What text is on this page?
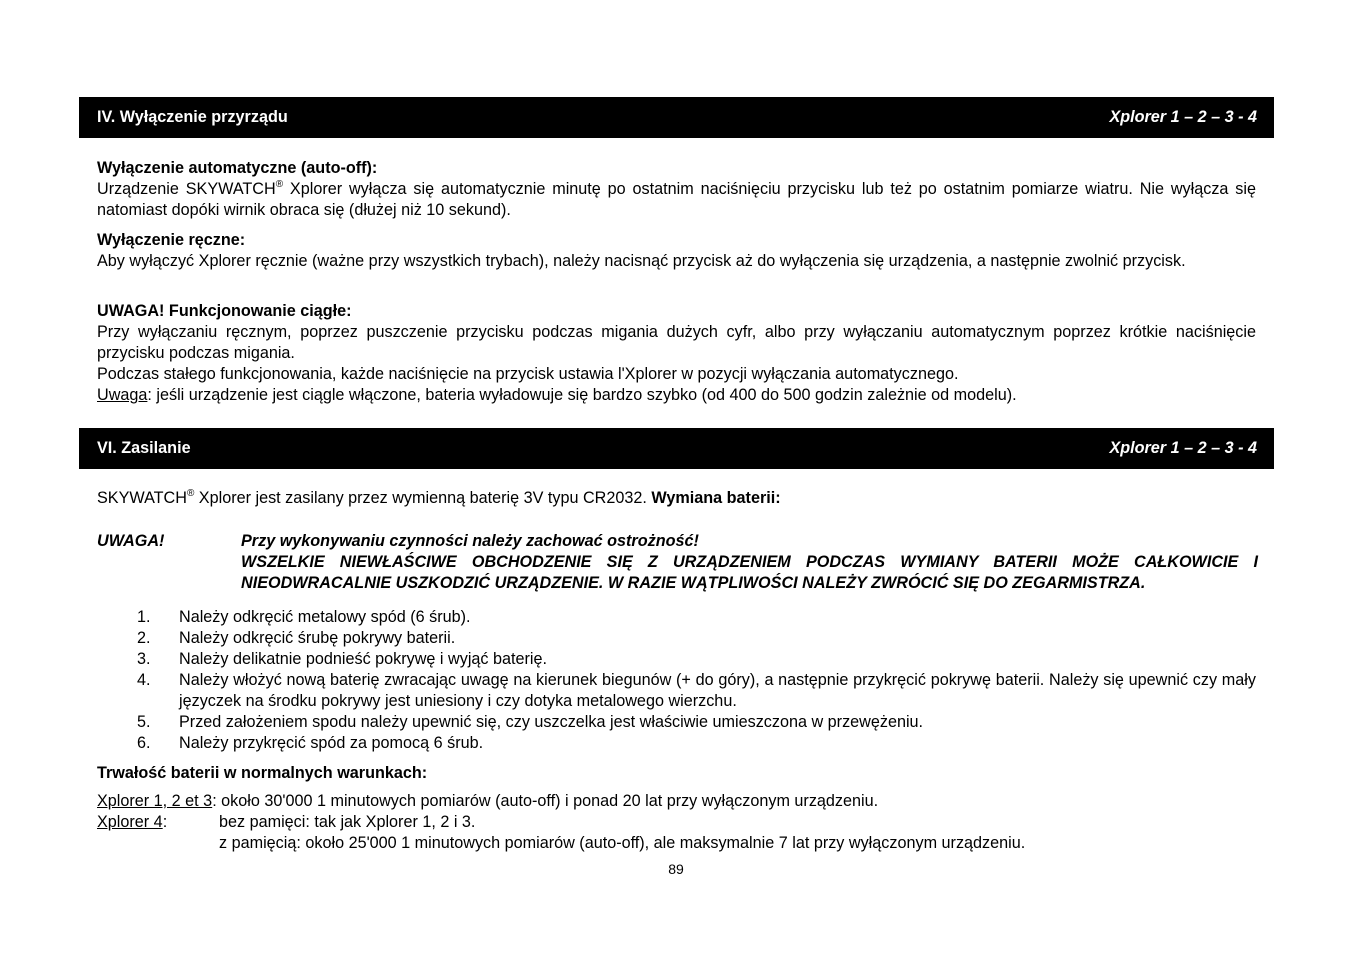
IV. Wyłączenie przyrządu	Xplorer 1 – 2 – 3 - 4

Wyłączenie automatyczne (auto-off):

Urządzenie SKYWATCH® Xplorer wyłącza się automatycznie minutę po ostatnim naciśnięciu przycisku lub też po ostatnim pomiarze wiatru. Nie wyłącza się natomiast dopóki wirnik obraca się (dłużej niż 10 sekund).

Wyłączenie ręczne:

Aby wyłączyć Xplorer ręcznie (ważne przy wszystkich trybach), należy nacisnąć przycisk aż do wyłączenia się urządzenia, a następnie zwolnić przycisk.

UWAGA! Funkcjonowanie ciągłe:

Przy wyłączaniu ręcznym, poprzez puszczenie przycisku podczas migania dużych cyfr, albo przy wyłączaniu automatycznym poprzez krótkie naciśnięcie przycisku podczas migania.

Podczas stałego funkcjonowania, każde naciśnięcie na przycisk ustawia l'Xplorer w pozycji wyłączania automatycznego.

Uwaga: jeśli urządzenie jest ciągle włączone, bateria wyładowuje się bardzo szybko (od 400 do 500 godzin zależnie od modelu).

VI. Zasilanie	Xplorer 1 – 2 – 3 - 4

SKYWATCH® Xplorer jest zasilany przez wymienną baterię 3V typu CR2032. Wymiana baterii:

UWAGA!	Przy wykonywaniu czynności należy zachować ostrożność!

WSZELKIE NIEWŁAŚCIWE OBCHODZENIE SIĘ Z URZĄDZENIEM PODCZAS WYMIANY BATERII MOŻE CAŁKOWICIE I NIEODWRACALNIE USZKODZIĆ URZĄDZENIE. W RAZIE WĄTPLIWOŚCI NALEŻY ZWRÓCIĆ SIĘ DO ZEGARMISTRZA.

1. Należy odkręcić metalowy spód (6 śrub).
2. Należy odkręcić śrubę pokrywy baterii.
3. Należy delikatnie podnieść pokrywę i wyjąć baterię.
4. Należy włożyć nową baterię zwracając uwagę na kierunek biegunów (+ do góry), a następnie przykręcić pokrywę baterii. Należy się upewnić czy mały języczek na środku pokrywy jest uniesiony i czy dotyka metalowego wierzchu.
5. Przed założeniem spodu należy upewnić się, czy uszczelka jest właściwie umieszczona w przewężeniu.
6. Należy przykręcić spód za pomocą 6 śrub.

Trwałość baterii w normalnych warunkach:

Xplorer 1, 2 et 3: około 30'000 1 minutowych pomiarów (auto-off) i ponad 20 lat przy wyłączonym urządzeniu.
Xplorer 4:	bez pamięci: tak jak Xplorer 1, 2 i 3.
z pamięcią: około 25'000 1 minutowych pomiarów (auto-off), ale maksymalnie 7 lat przy wyłączonym urządzeniu.
89
